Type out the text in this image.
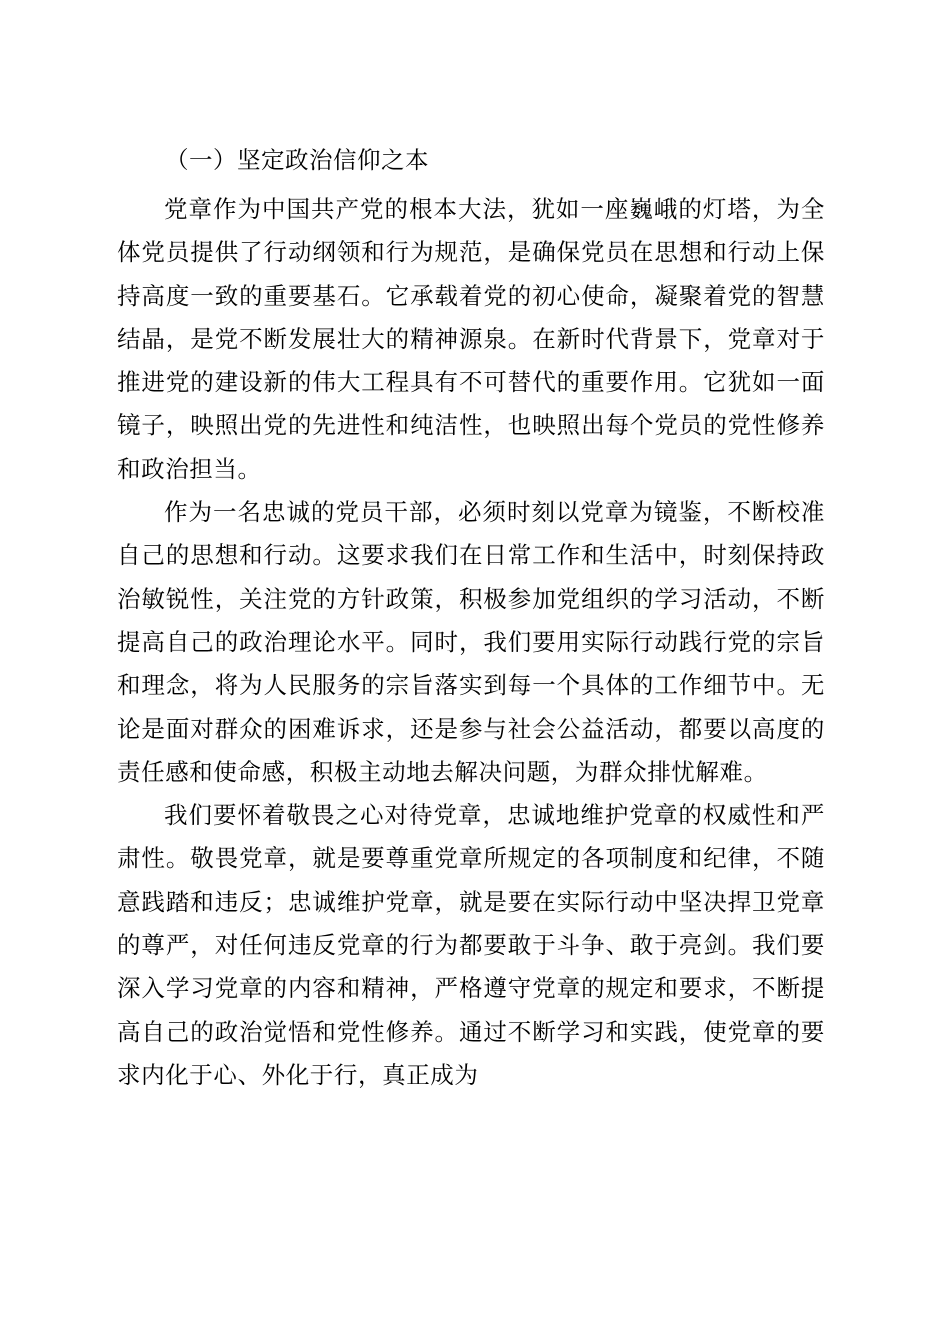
（一）坚定政治信仰之本

党章作为中国共产党的根本大法，犹如一座巍峨的灯塔，为全体党员提供了行动纲领和行为规范，是确保党员在思想和行动上保持高度一致的重要基石。它承载着党的初心使命，凝聚着党的智慧结晶，是党不断发展壮大的精神源泉。在新时代背景下，党章对于推进党的建设新的伟大工程具有不可替代的重要作用。它犹如一面镜子，映照出党的先进性和纯洁性，也映照出每个党员的党性修养和政治担当。

作为一名忠诚的党员干部，必须时刻以党章为镜鉴，不断校准自己的思想和行动。这要求我们在日常工作和生活中，时刻保持政治敏锐性，关注党的方针政策，积极参加党组织的学习活动，不断提高自己的政治理论水平。同时，我们要用实际行动践行党的宗旨和理念，将为人民服务的宗旨落实到每一个具体的工作细节中。无论是面对群众的困难诉求，还是参与社会公益活动，都要以高度的责任感和使命感，积极主动地去解决问题，为群众排忧解难。

我们要怀着敬畏之心对待党章，忠诚地维护党章的权威性和严肃性。敬畏党章，就是要尊重党章所规定的各项制度和纪律，不随意践踏和违反；忠诚维护党章，就是要在实际行动中坚决捍卫党章的尊严，对任何违反党章的行为都要敢于斗争、敢于亮剑。我们要深入学习党章的内容和精神，严格遵守党章的规定和要求，不断提高自己的政治觉悟和党性修养。通过不断学习和实践，使党章的要求内化于心、外化于行，真正成为
